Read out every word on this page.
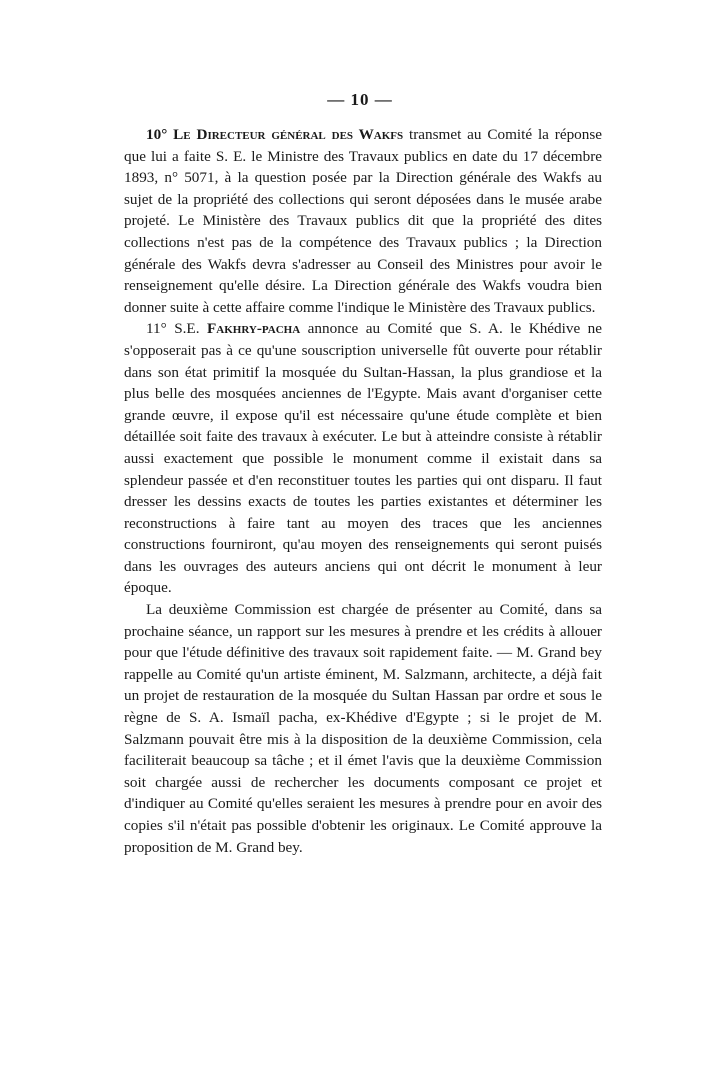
— 10 —

10° Le Directeur général des Wakfs transmet au Comité la réponse que lui a faite S. E. le Ministre des Travaux publics en date du 17 décembre 1893, n° 5071, à la question posée par la Direction générale des Wakfs au sujet de la propriété des collections qui seront déposées dans le musée arabe projeté. Le Ministère des Travaux publics dit que la propriété des dites collections n'est pas de la compétence des Travaux publics ; la Direction générale des Wakfs devra s'adresser au Conseil des Ministres pour avoir le renseignement qu'elle désire. La Direction générale des Wakfs voudra bien donner suite à cette affaire comme l'indique le Ministère des Travaux publics.

11° S.E. Fakhry-pacha annonce au Comité que S. A. le Khédive ne s'opposerait pas à ce qu'une souscription universelle fût ouverte pour rétablir dans son état primitif la mosquée du Sultan-Hassan, la plus grandiose et la plus belle des mosquées anciennes de l'Egypte. Mais avant d'organiser cette grande œuvre, il expose qu'il est nécessaire qu'une étude complète et bien détaillée soit faite des travaux à exécuter. Le but à atteindre consiste à rétablir aussi exactement que possible le monument comme il existait dans sa splendeur passée et d'en reconstituer toutes les parties qui ont disparu. Il faut dresser les dessins exacts de toutes les parties existantes et déterminer les reconstructions à faire tant au moyen des traces que les anciennes constructions fourniront, qu'au moyen des renseignements qui seront puisés dans les ouvrages des auteurs anciens qui ont décrit le monument à leur époque.

La deuxième Commission est chargée de présenter au Comité, dans sa prochaine séance, un rapport sur les mesures à prendre et les crédits à allouer pour que l'étude définitive des travaux soit rapidement faite. — M. Grand bey rappelle au Comité qu'un artiste éminent, M. Salzmann, architecte, a déjà fait un projet de restauration de la mosquée du Sultan Hassan par ordre et sous le règne de S. A. Ismaïl pacha, ex-Khédive d'Egypte ; si le projet de M. Salzmann pouvait être mis à la disposition de la deuxième Commission, cela faciliterait beaucoup sa tâche ; et il émet l'avis que la deuxième Commission soit chargée aussi de rechercher les documents composant ce projet et d'indiquer au Comité qu'elles seraient les mesures à prendre pour en avoir des copies s'il n'était pas possible d'obtenir les originaux. Le Comité approuve la proposition de M. Grand bey.
